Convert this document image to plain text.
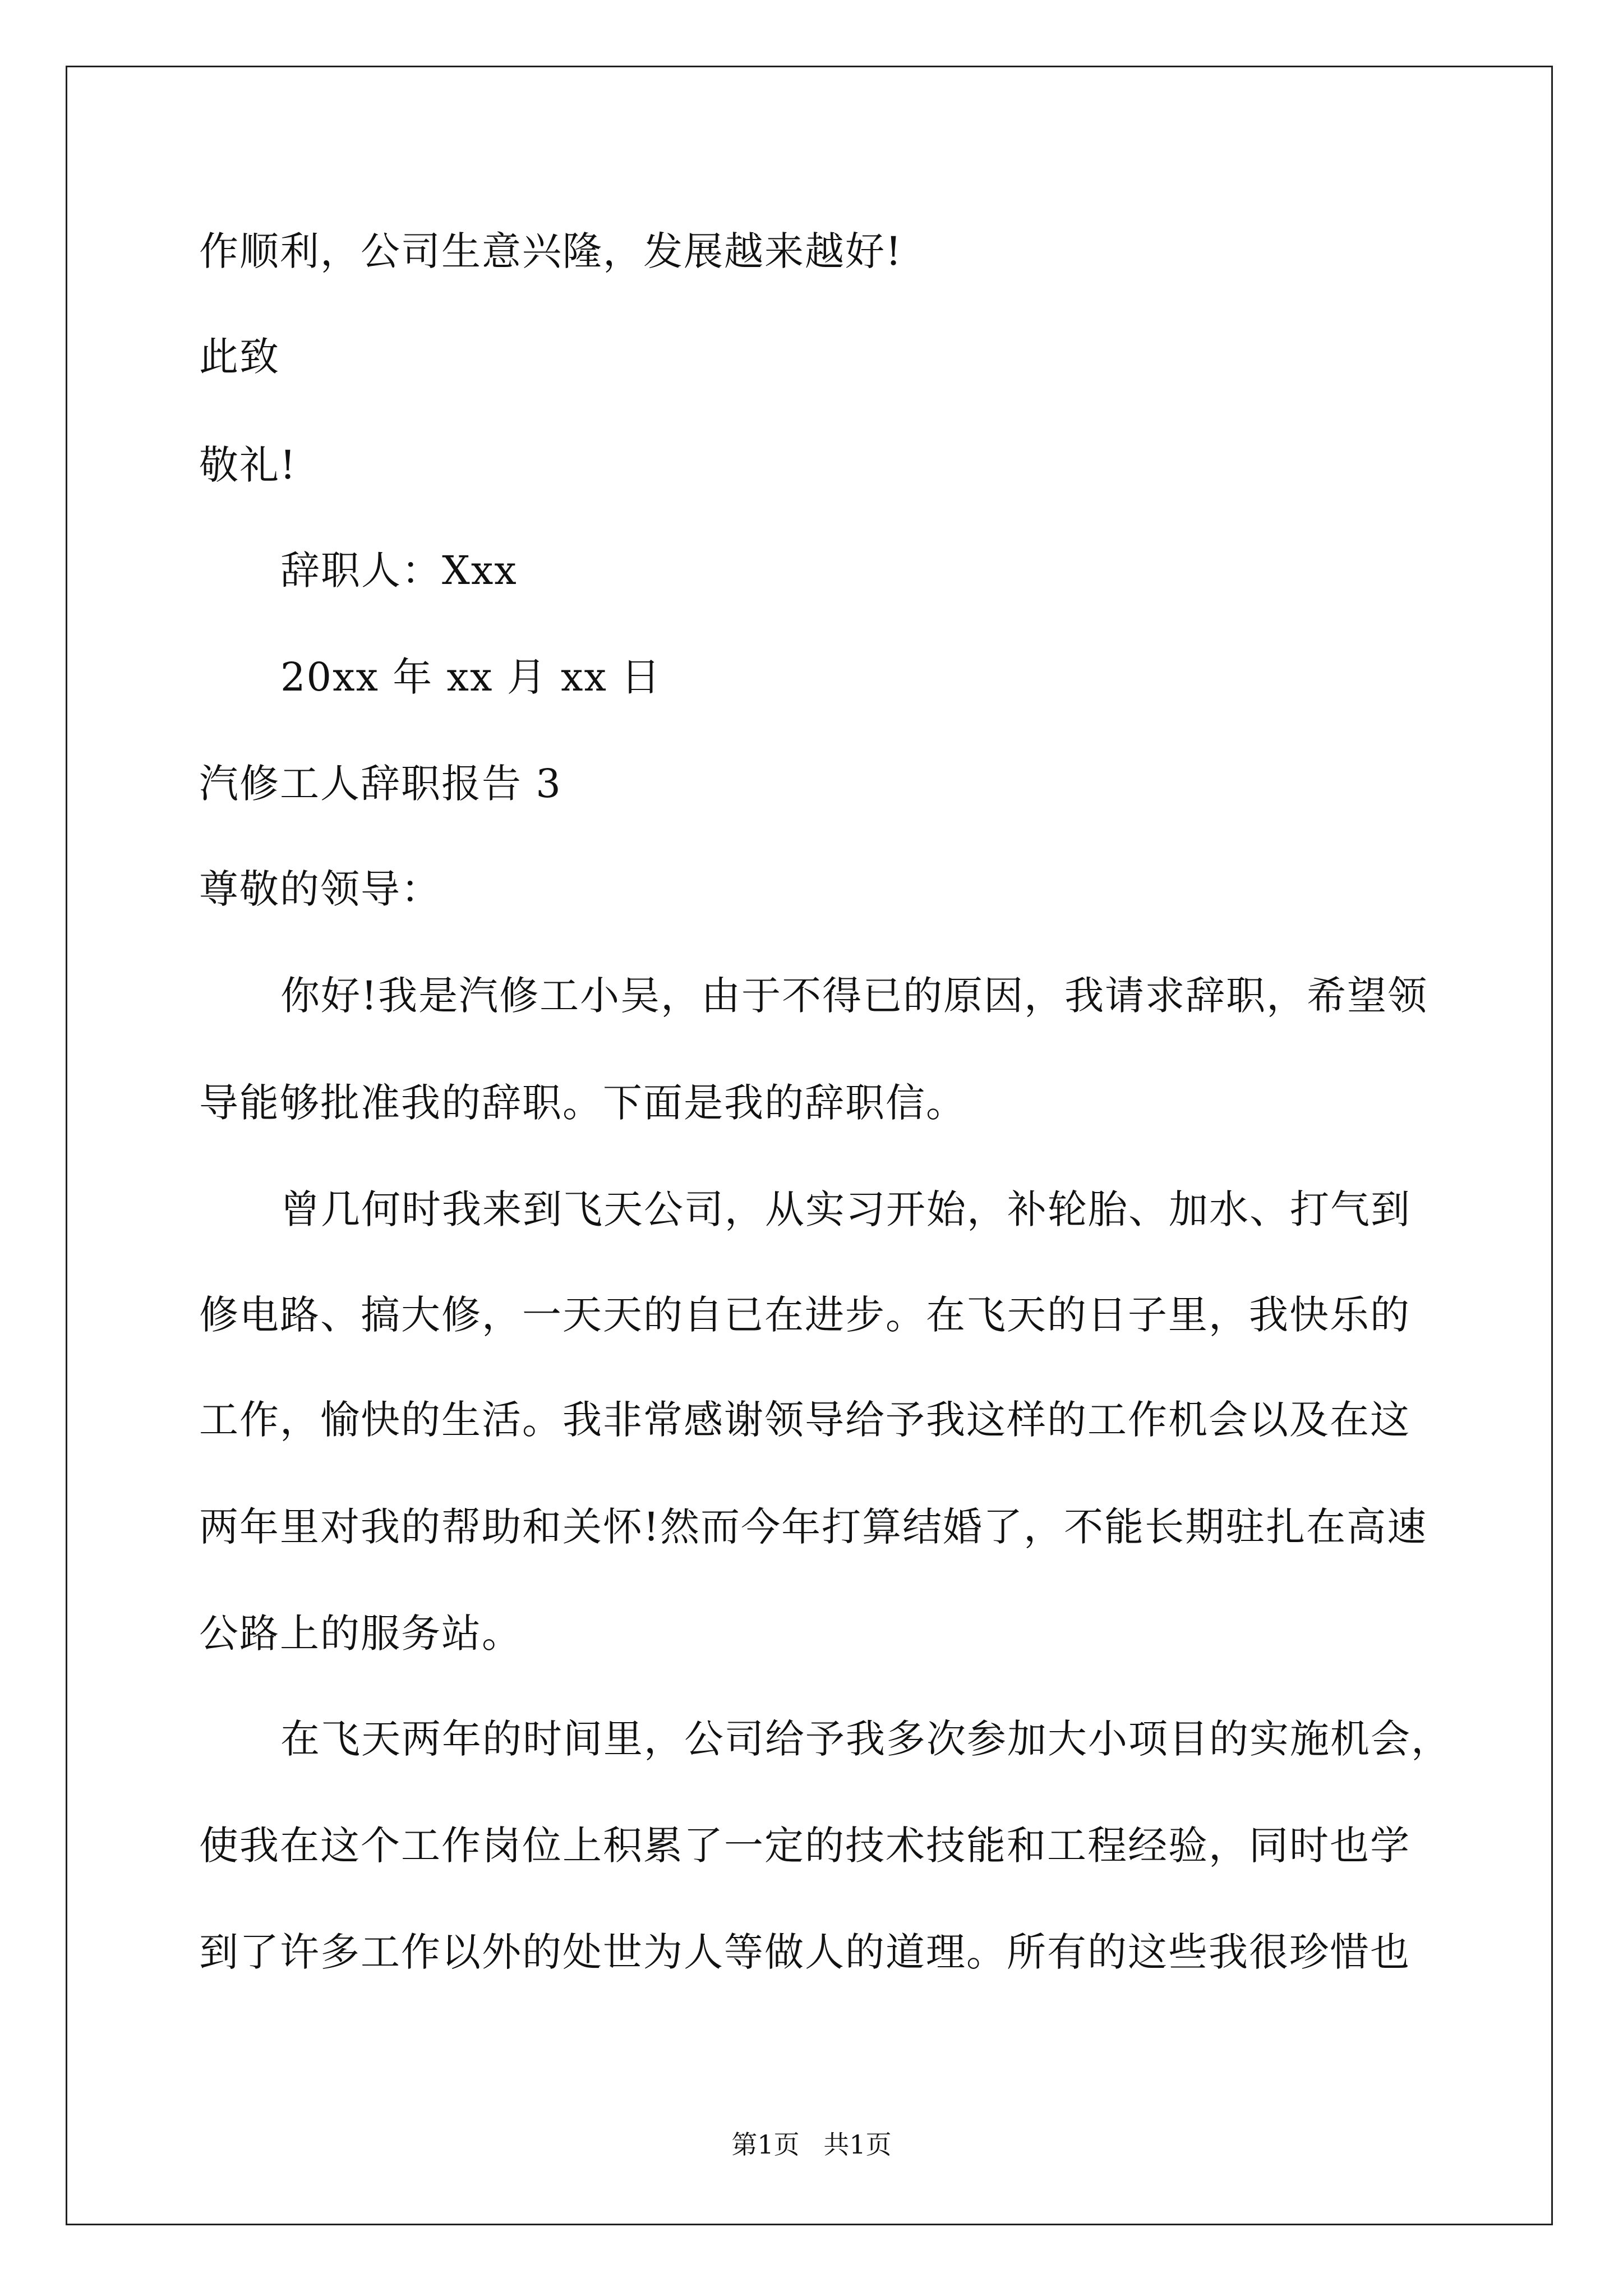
作顺利，公司生意兴隆，发展越来越好!
此致
敬礼!
辞职人：Xxx
20xx 年 xx 月 xx 日
汽修工人辞职报告 3
尊敬的领导：
你好!我是汽修工小吴，由于不得已的原因，我请求辞职，希望领
导能够批准我的辞职。下面是我的辞职信。
曾几何时我来到飞天公司，从实习开始，补轮胎、加水、打气到
修电路、搞大修，一天天的自已在进步。在飞天的日子里，我快乐的
工作，愉快的生活。我非常感谢领导给予我这样的工作机会以及在这
两年里对我的帮助和关怀!然而今年打算结婚了，不能长期驻扎在高速
公路上的服务站。
在飞天两年的时间里，公司给予我多次参加大小项目的实施机会，
使我在这个工作岗位上积累了一定的技术技能和工程经验，同时也学
到了许多工作以外的处世为人等做人的道理。所有的这些我很珍惜也
第1页 共1页
